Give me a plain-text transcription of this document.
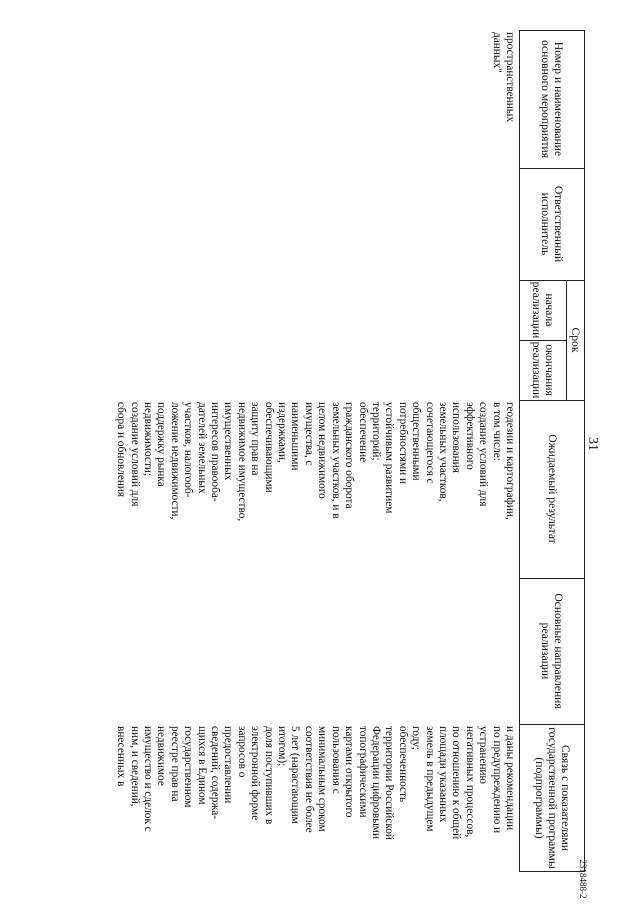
31
2318488-2
Номер и наименование основного мероприятия
Ответственный исполнитель
Срок
начала реализации
окончания реализации
Ожидаемый результат
Основные направления реализации
Связь с показателями государственной программы (подпрограммы)
пространственных
данных"
геодезии и картографии,
в том числе:
создание условий для
эффективного
использования
земельных участков,
сочетающегося с
общественными
потребностями и
устойчивым развитием
территорий;
обеспечение
гражданского оборота
земельных участков, и в
целом недвижимого
имущества, с
наименьшими
издержками,
обеспечивающими
защиту прав на
недвижимое имущество,
имущественных
интересов правооба-
дателей земельных
участков, налогооб-
ложение недвижимости,
поддержку рынка
недвижимости;
создание условий для
сбора и обновления
и даны рекомендации
по предупреждению и
устранению
негативных процессов,
по отношению к общей
площади указанных
земель в предыдущем
году;
обеспеченность
территории Российской
Федерации цифровыми
топографическими
картами открытого
пользования с
минимальным сроком
соответствия не более
5 лет (нарастающим
итогом);
доля поступивших в
электронной форме
запросов о
предоставлении
сведений, содержа-
щихся в Едином
государственном
реестре прав на
недвижимое
имущество и сделок с
ним, и сведений,
внесенных в
